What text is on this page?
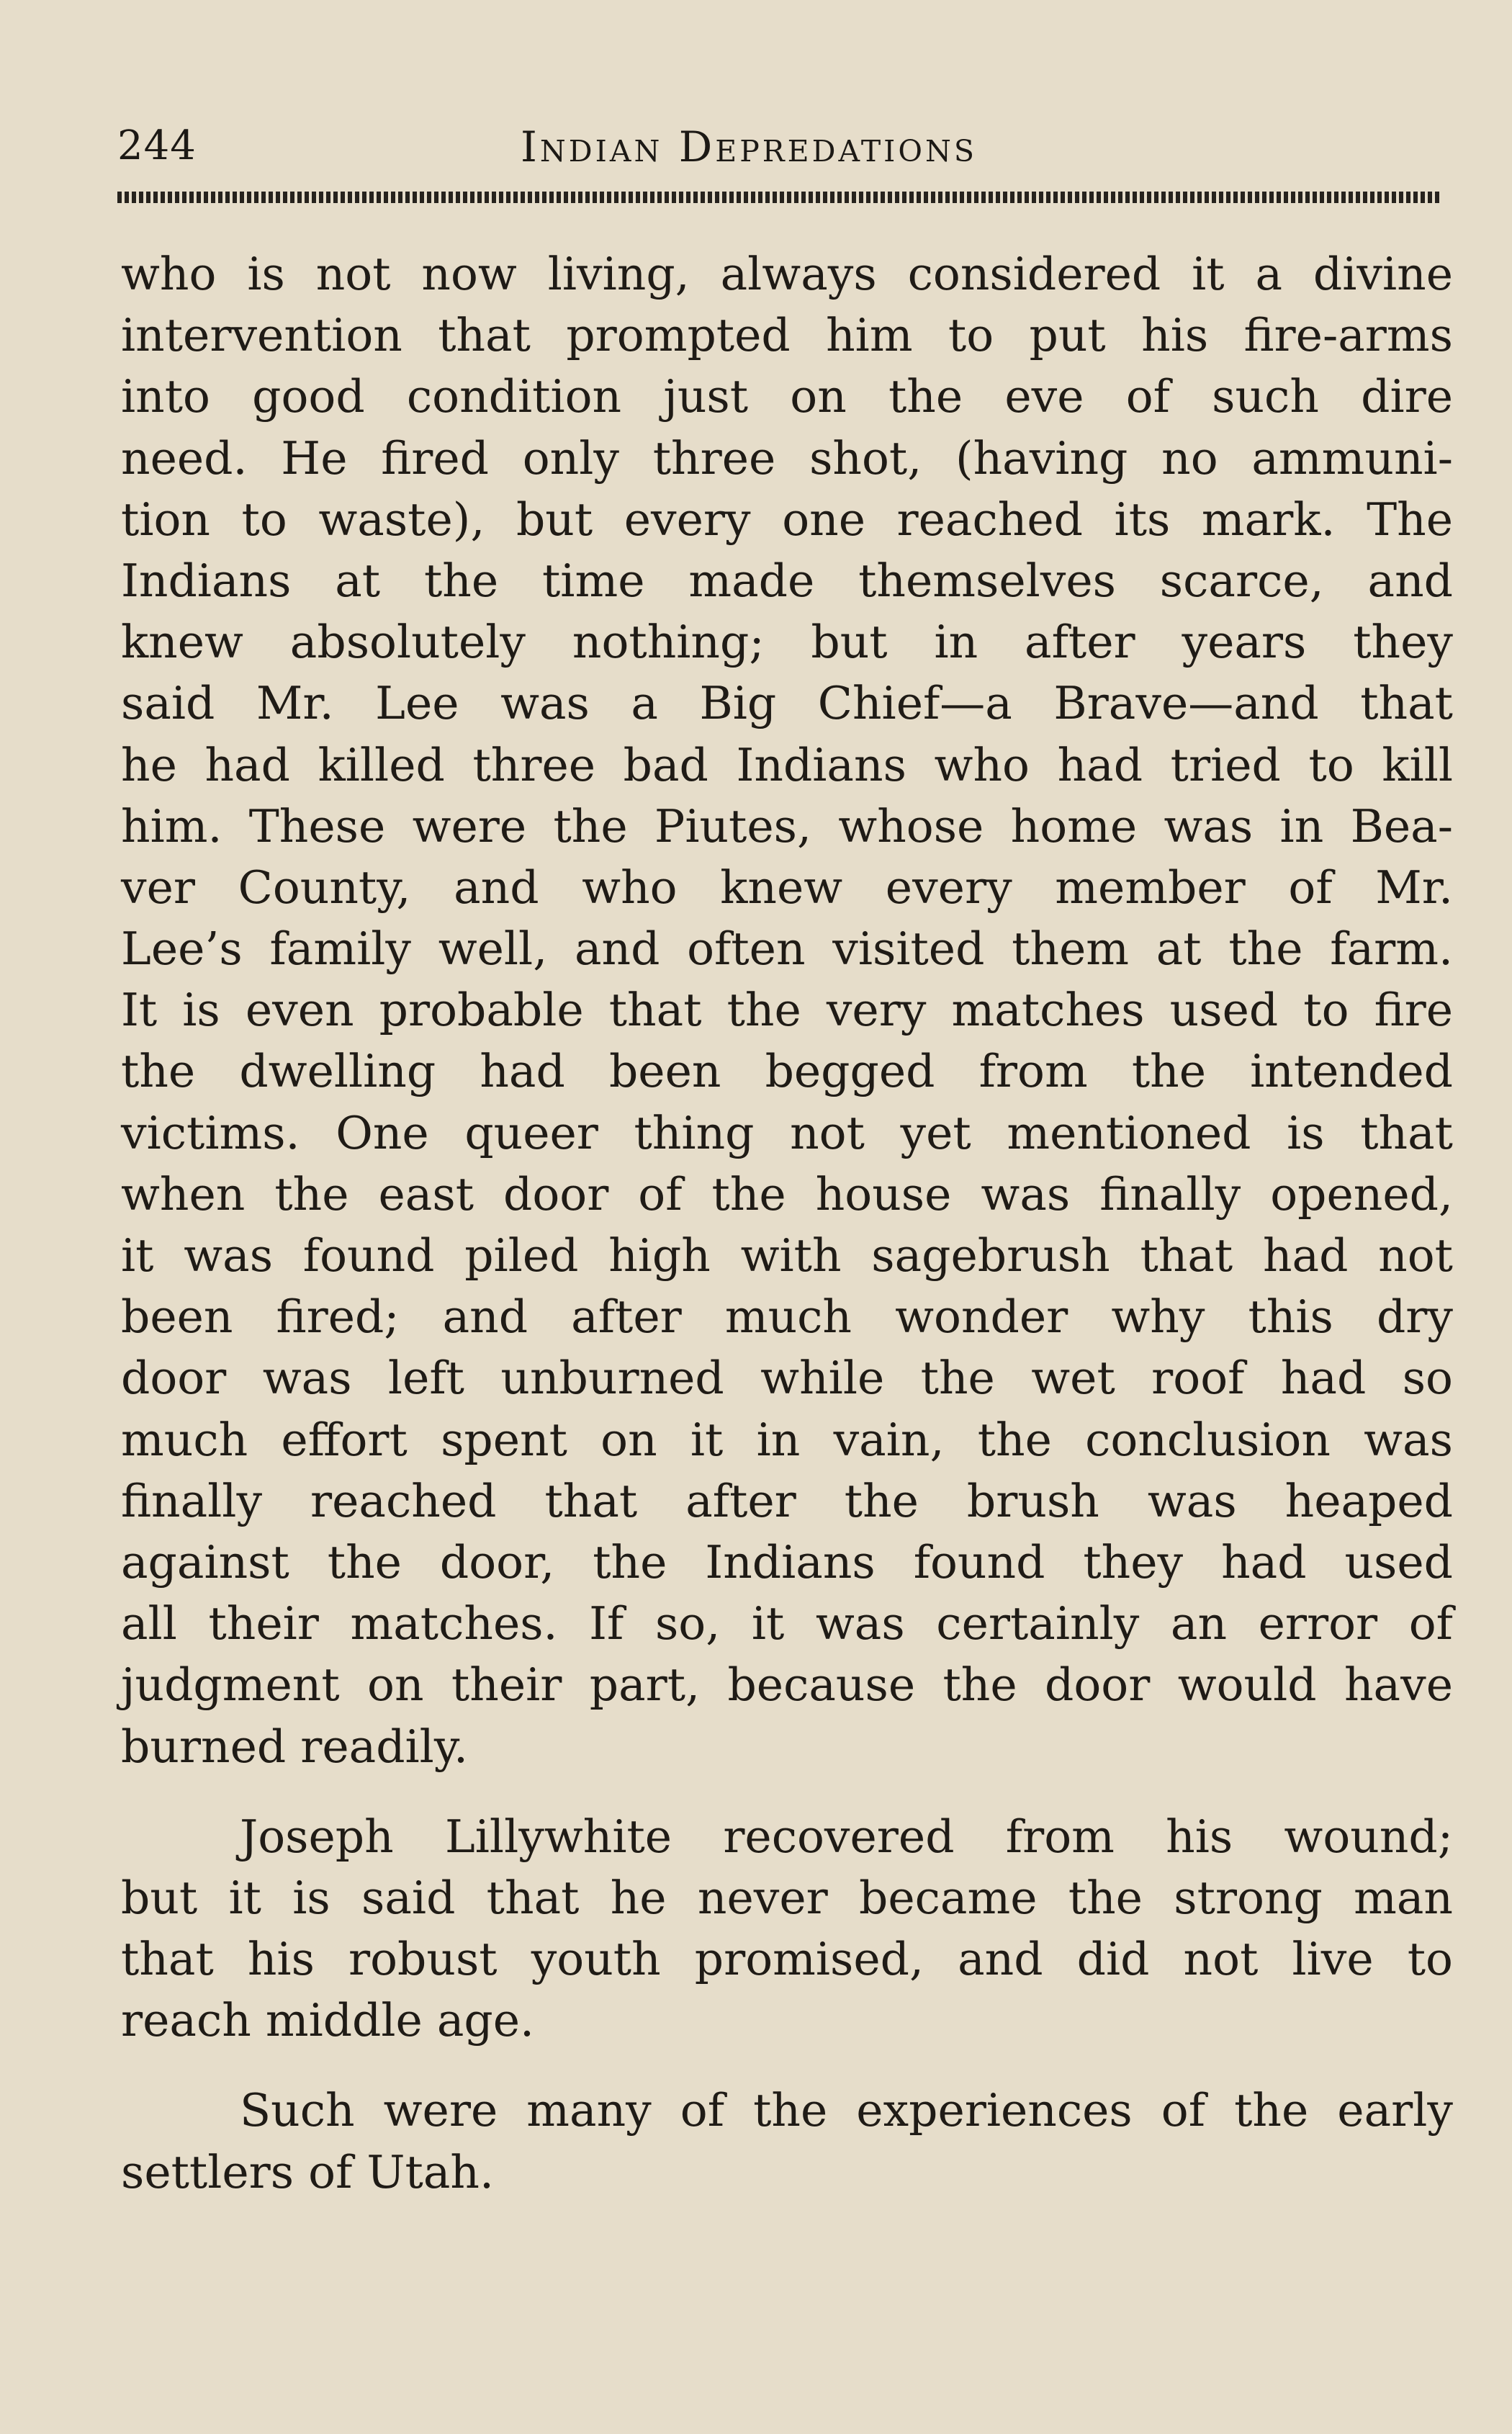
244	Indian Depredations
who is not now living, always considered it a divine
intervention that prompted him to put his fire-arms
into good condition just on the eve of such dire
need. He fired only three shot, (having no ammuni-
tion to waste), but every one reached its mark. The
Indians at the time made themselves scarce, and
knew absolutely nothing; but in after years they
said Mr. Lee was a Big Chief—a Brave—and that
he had killed three bad Indians who had tried to kill
him. These were the Piutes, whose home was in Bea-
ver County, and who knew every member of Mr.
Lee’s family well, and often visited them at the farm.
It is even probable that the very matches used to fire
the dwelling had been begged from the intended
victims. One queer thing not yet mentioned is that
when the east door of the house was finally opened,
it was found piled high with sagebrush that had not
been fired; and after much wonder why this dry
door was left unburned while the wet roof had so
much effort spent on it in vain, the conclusion was
finally reached that after the brush was heaped
against the door, the Indians found they had used
all their matches. If so, it was certainly an error of
judgment on their part, because the door would have
burned readily.
Joseph Lillywhite recovered from his wound;
but it is said that he never became the strong man
that his robust youth promised, and did not live to
reach middle age.
Such were many of the experiences of the early
settlers of Utah.
